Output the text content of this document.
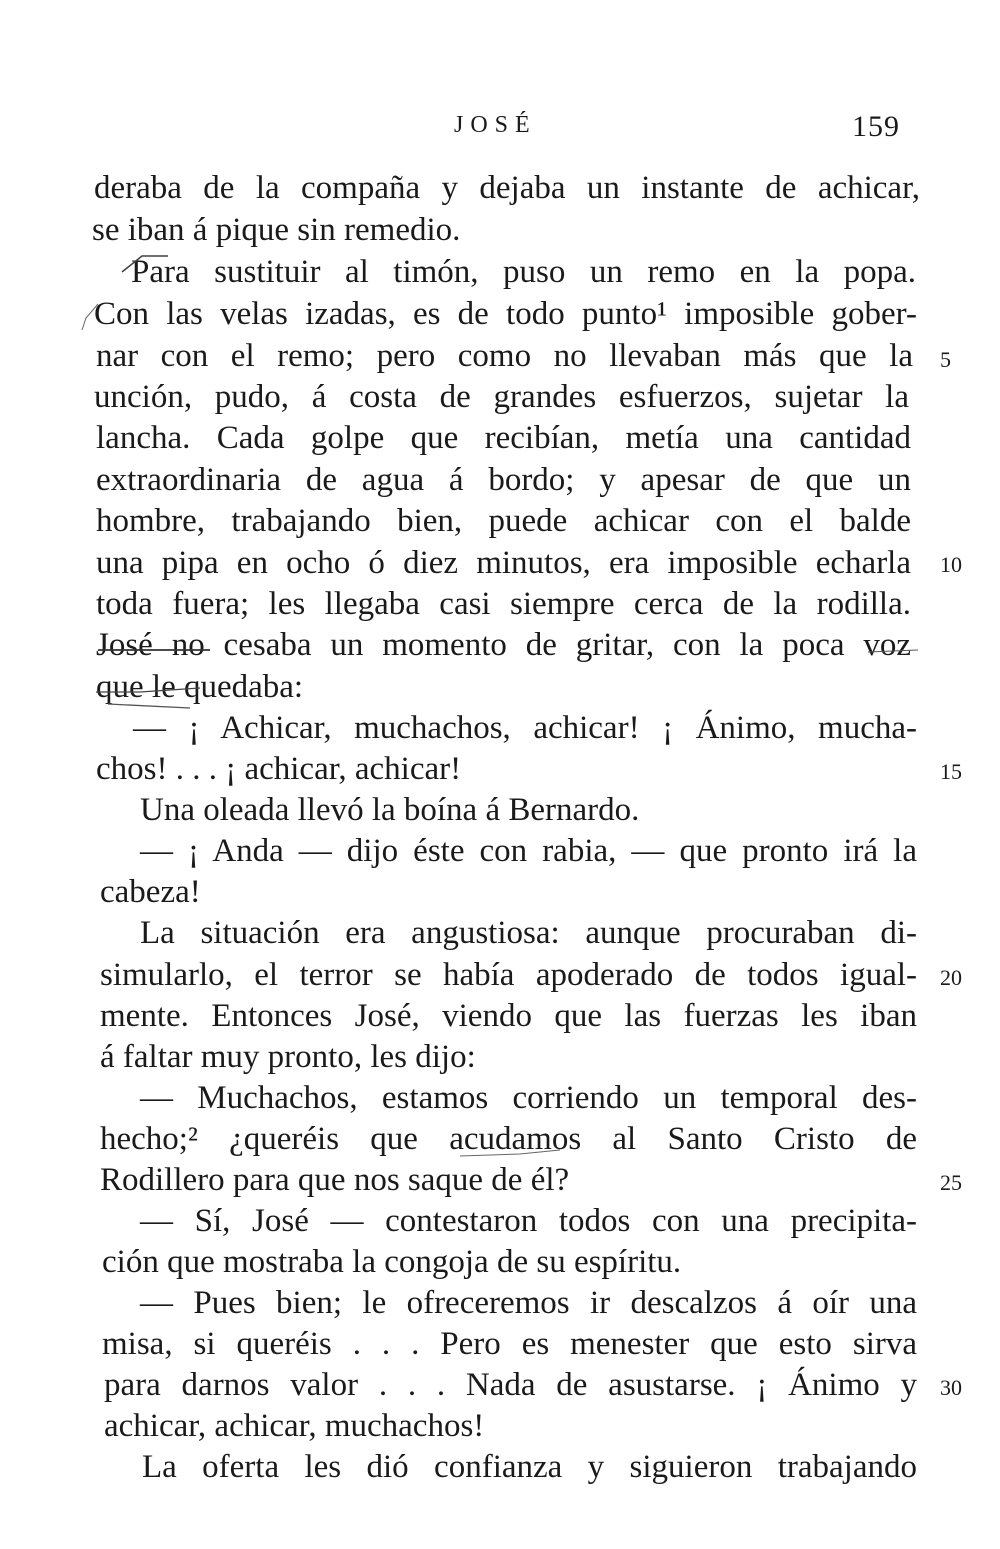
JOSÉ	159
deraba de la compaña y dejaba un instante de achicar,
se iban á pique sin remedio.
Para sustituir al timón, puso un remo en la popa.
Con las velas izadas, es de todo punto¹ imposible gober-
nar con el remo; pero como no llevaban más que la
unción, pudo, á costa de grandes esfuerzos, sujetar la
lancha. Cada golpe que recibían, metía una cantidad
extraordinaria de agua á bordo; y apesar de que un
hombre, trabajando bien, puede achicar con el balde
una pipa en ocho ó diez minutos, era imposible echarla
toda fuera; les llegaba casi siempre cerca de la rodilla.
José no cesaba un momento de gritar, con la poca voz
que le quedaba:
— ¡ Achicar, muchachos, achicar! ¡ Ánimo, mucha-
chos! . . . ¡ achicar, achicar!
Una oleada llevó la boína á Bernardo.
— ¡ Anda — dijo éste con rabia, — que pronto irá la
cabeza!
La situación era angustiosa: aunque procuraban di-
simularlo, el terror se había apoderado de todos igual-
mente. Entonces José, viendo que las fuerzas les iban
á faltar muy pronto, les dijo:
— Muchachos, estamos corriendo un temporal des-
hecho;² ¿queréis que acudamos al Santo Cristo de
Rodillero para que nos saque de él?
— Sí, José — contestaron todos con una precipita-
ción que mostraba la congoja de su espíritu.
— Pues bien; le ofreceremos ir descalzos á oír una
misa, si queréis . . . Pero es menester que esto sirva
para darnos valor . . . Nada de asustarse. ¡ Ánimo y
achicar, achicar, muchachos!
La oferta les dió confianza y siguieron trabajando
5
10
15
20
25
30
